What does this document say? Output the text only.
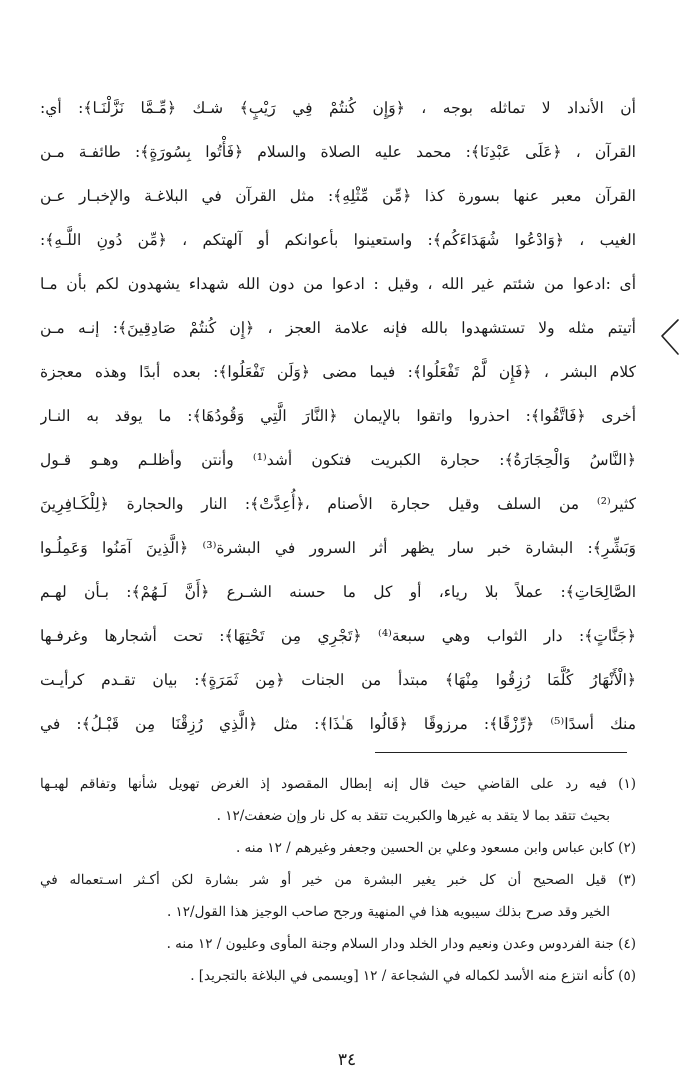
أن الأنداد لا تماثله بوجه ، ﴿وَإِن كُنتُمْ فِي رَيْبٍ﴾ شـك ﴿مِّـمَّا نَزَّلْنَـا﴾: أي:
القرآن ، ﴿عَلَى عَبْدِنَا﴾: محمد عليه الصلاة والسلام ﴿فَأْتُوا بِسُورَةٍ﴾: طائفـة مـن
القرآن معبر عنها بسورة كذا ﴿مِّن مِّثْلِهِ﴾: مثل القرآن في البلاغـة والإخبـار عـن
الغيب ، ﴿وَادْعُوا شُهَدَاءَكُم﴾: واستعينوا بأعوانكم أو آلهتكم ، ﴿مِّن دُونِ اللَّـهِ﴾:
أى :ادعوا من شئتم غير الله ، وقيل : ادعوا من دون الله شهداء يشهدون لكم بأن مـا
أتيتم مثله ولا تستشهدوا بالله فإنه علامة العجز ، ﴿إِن كُنتُمْ صَادِقِينَ﴾: إنـه مـن
كلام البشر ، ﴿فَإِن لَّمْ تَفْعَلُوا﴾: فيما مضى ﴿وَلَن تَفْعَلُوا﴾: بعده أبدًا وهذه معجزة
أخرى ﴿فَاتَّقُوا﴾: احذروا واتقوا بالإيمان ﴿النَّارَ الَّتِي وَقُودُهَا﴾: ما يوقد به النـار
﴿النَّاسُ وَالْحِجَارَةُ﴾: حجارة الكبريت فتكون أشد⁽¹⁾ وأنتن وأظلـم وهـو قـول
كثير⁽²⁾ من السلف وقيل حجارة الأصنام ،﴿أُعِدَّتْ﴾: النار والحجارة ﴿لِلْكَـافِرِينَ
وَبَشِّرِ﴾: البشارة خبر سار يظهر أثر السرور في البشرة⁽³⁾ ﴿الَّذِينَ آمَنُوا وَعَمِلُـوا
الصَّالِحَاتِ﴾: عملاً بلا رياء، أو كل ما حسنه الشـرع ﴿أَنَّ لَـهُمْ﴾: بـأن لهـم
﴿جَنَّاتٍ﴾: دار الثواب وهي سبعة⁽⁴⁾ ﴿تَجْرِي مِن تَحْتِهَا﴾: تحت أشجارها وغرفـها
﴿الْأَنْهَارُ كُلَّمَا رُزِقُوا مِنْهَا﴾ مبتدأ من الجنات ﴿مِن ثَمَرَةٍ﴾: بيان تقـدم كرأيـت
منك أسدًا⁽⁵⁾ ﴿رِّزْقًا﴾: مرزوقًا ﴿قَالُوا هَـٰذَا﴾: مثل ﴿الَّذِي رُزِقْنَا مِن قَبْـلُ﴾: في
(١) فيه رد على القاضي حيث قال إنه إبطال المقصود إذ الغرض تهويل شأنها وتفاقم لهبـها
بحيث تتقد بما لا يتقد به غيرها والكبريت تتقد به كل نار وإن ضعفت/١٢ .
(٢) كابن عباس وابن مسعود وعلي بن الحسين وجعفر وغيرهم / ١٢ منه .
(٣) قيل الصحيح أن كل خبر يغير البشرة من خير أو شر بشارة لكن أكـثر اسـتعماله في
الخير وقد صرح بذلك سيبويه هذا في المنهية ورجح صاحب الوجيز هذا القول/١٢ .
(٤) جنة الفردوس وعدن ونعيم ودار الخلد ودار السلام وجنة المأوى وعليون / ١٢ منه .
(٥) كأنه انتزع منه الأسد لكماله في الشجاعة / ١٢ [ويسمى في البلاغة بالتجريد] .
٣٤
